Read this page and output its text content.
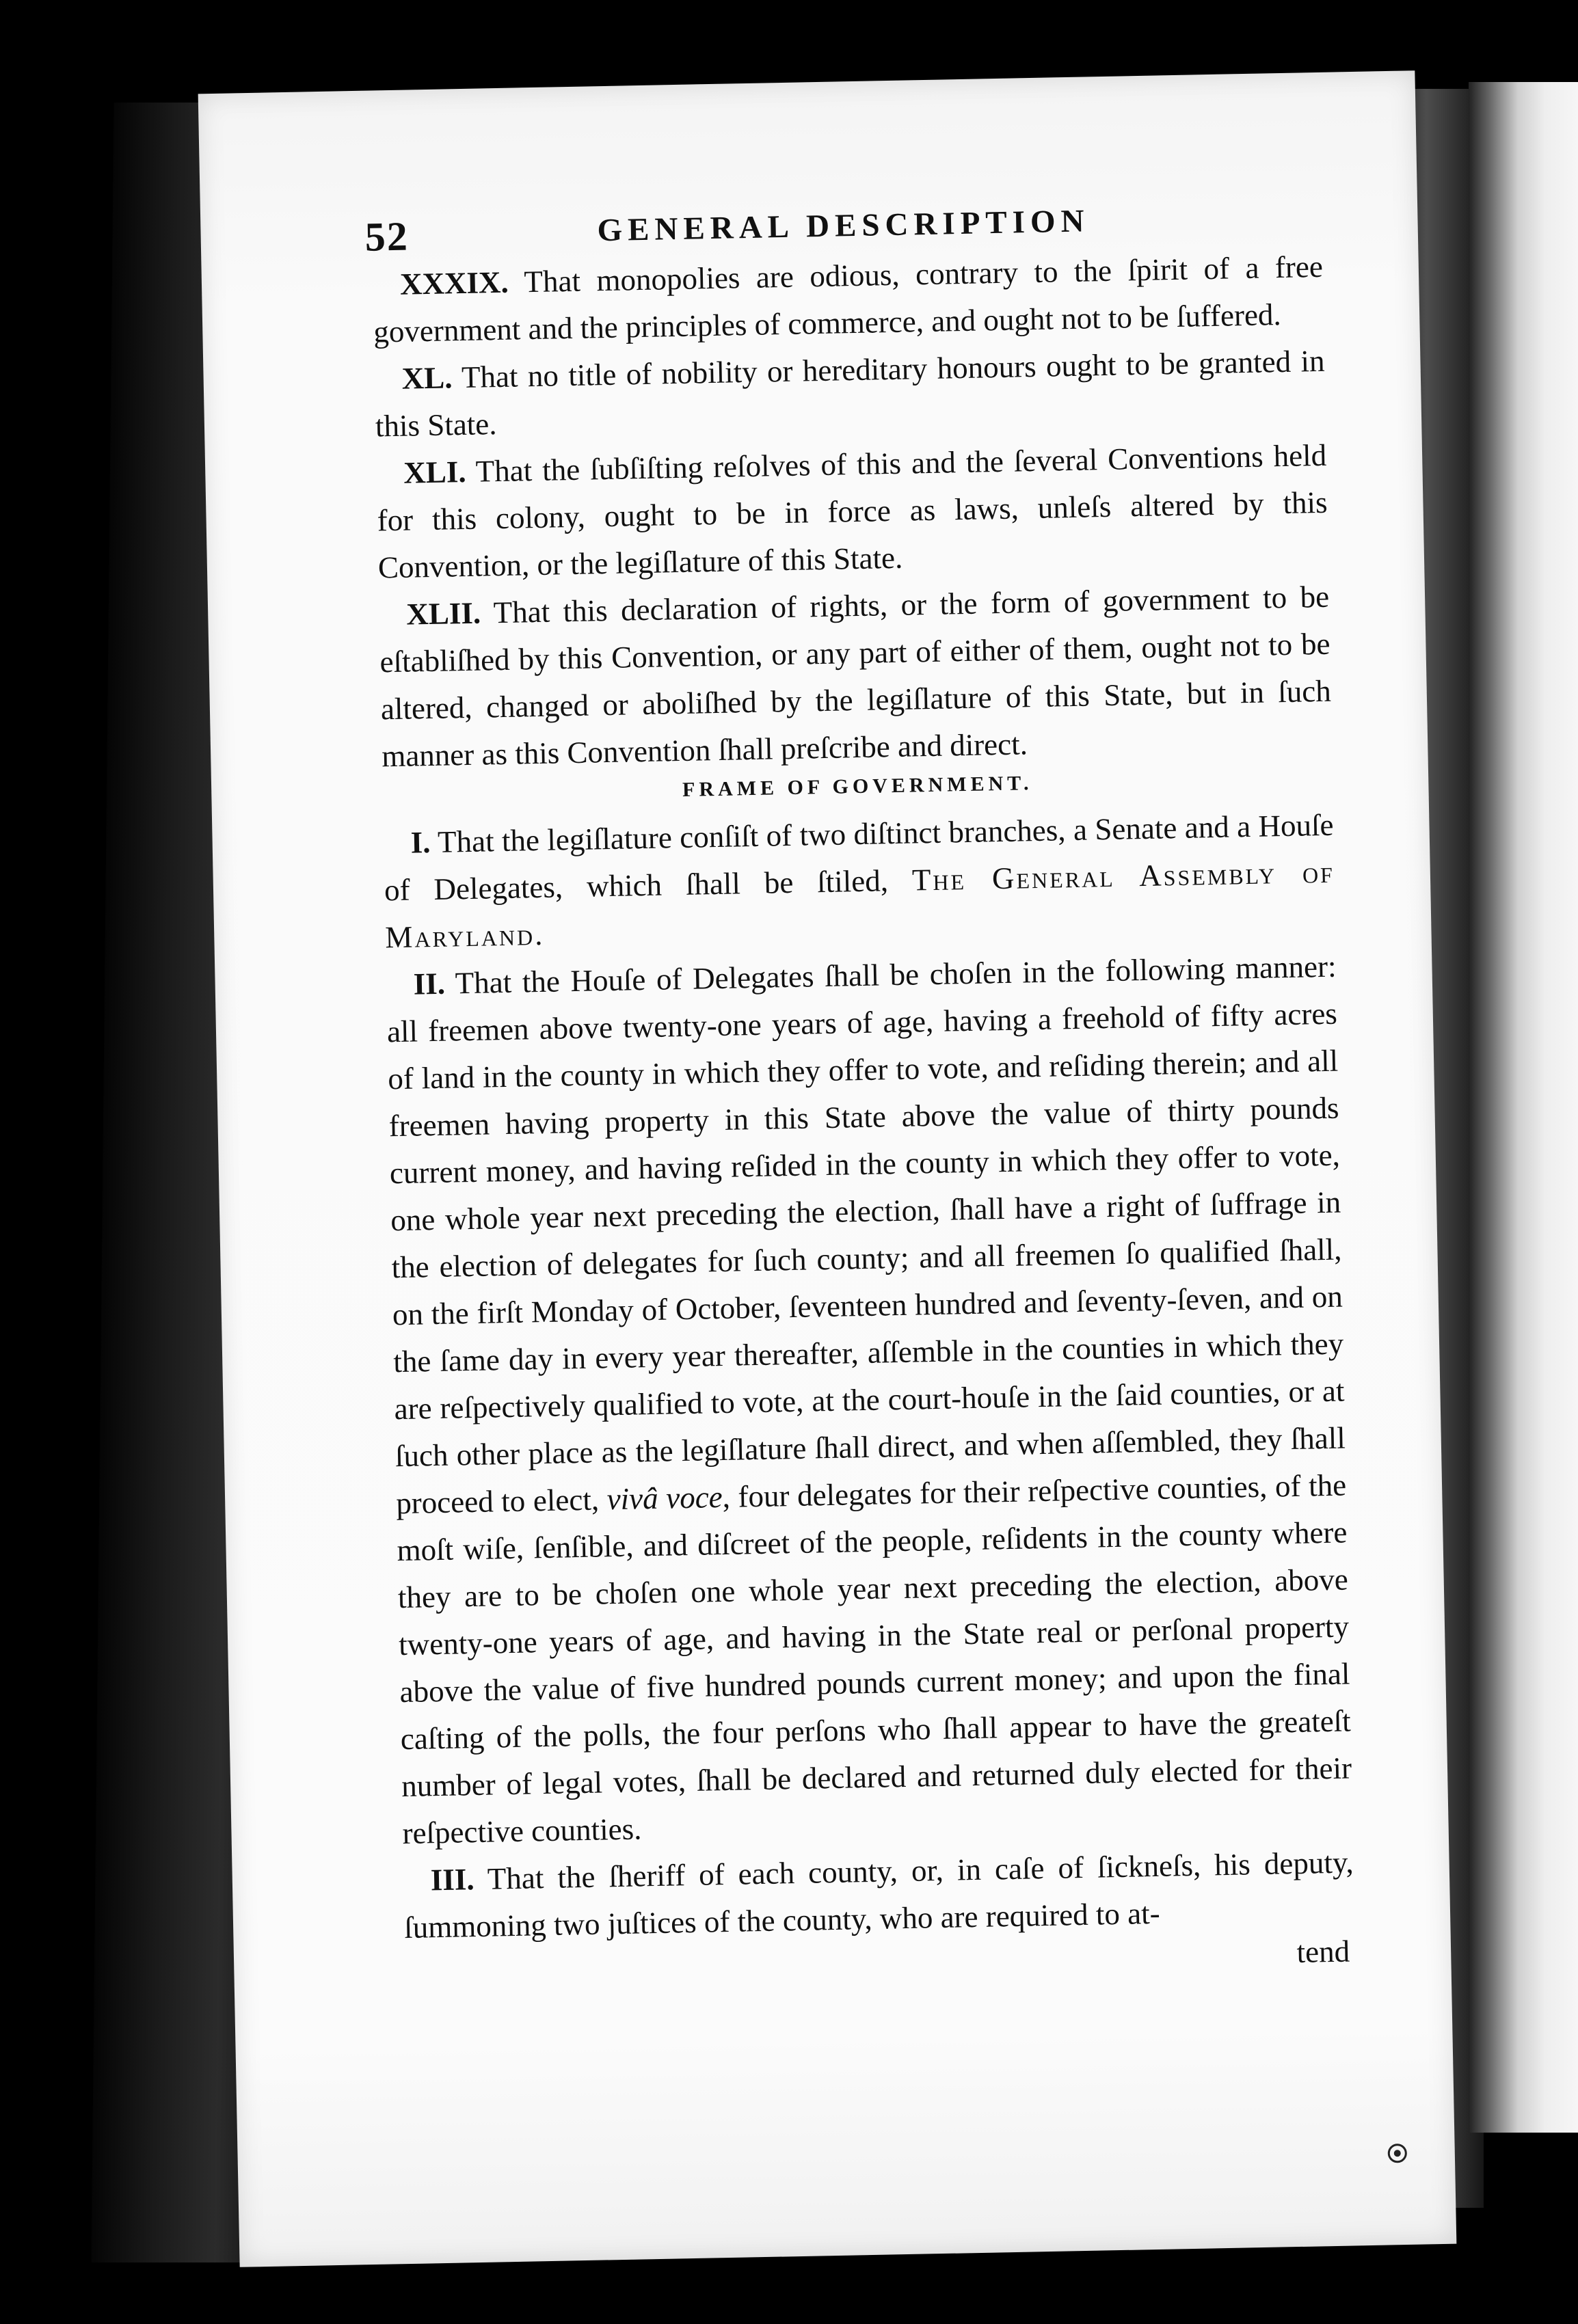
52	GENERAL DESCRIPTION

XXXIX. That monopolies are odious, contrary to the ſpirit of a free government and the principles of commerce, and ought not to be ſuffered.

XL. That no title of nobility or hereditary honours ought to be granted in this State.

XLI. That the ſubſiſting reſolves of this and the ſeveral Conventions held for this colony, ought to be in force as laws, unleſs altered by this Convention, or the legiſlature of this State.

XLII. That this declaration of rights, or the form of government to be eſtabliſhed by this Convention, or any part of either of them, ought not to be altered, changed or aboliſhed by the legiſlature of this State, but in ſuch manner as this Convention ſhall preſcribe and direct.

FRAME OF GOVERNMENT.

I. That the legiſlature conſiſt of two diſtinct branches, a Senate and a Houſe of Delegates, which ſhall be ſtiled, The General Assembly of Maryland.

II. That the Houſe of Delegates ſhall be choſen in the following manner: all freemen above twenty-one years of age, having a freehold of fifty acres of land in the county in which they offer to vote, and reſiding therein; and all freemen having property in this State above the value of thirty pounds current money, and having reſided in the county in which they offer to vote, one whole year next preceding the election, ſhall have a right of ſuffrage in the election of delegates for ſuch county; and all freemen ſo qualified ſhall, on the firſt Monday of October, ſeventeen hundred and ſeventy-ſeven, and on the ſame day in every year thereafter, aſſemble in the counties in which they are reſpectively qualified to vote, at the court-houſe in the ſaid counties, or at ſuch other place as the legiſlature ſhall direct, and when aſſembled, they ſhall proceed to elect, vivâ voce, four delegates for their reſpective counties, of the moſt wiſe, ſenſible, and diſcreet of the people, reſidents in the county where they are to be choſen one whole year next preceding the election, above twenty-one years of age, and having in the State real or perſonal property above the value of five hundred pounds current money; and upon the final caſting of the polls, the four perſons who ſhall appear to have the greateſt number of legal votes, ſhall be declared and returned duly elected for their reſpective counties.

III. That the ſheriff of each county, or, in caſe of ſickneſs, his deputy, ſummoning two juſtices of the county, who are required to at-

tend
